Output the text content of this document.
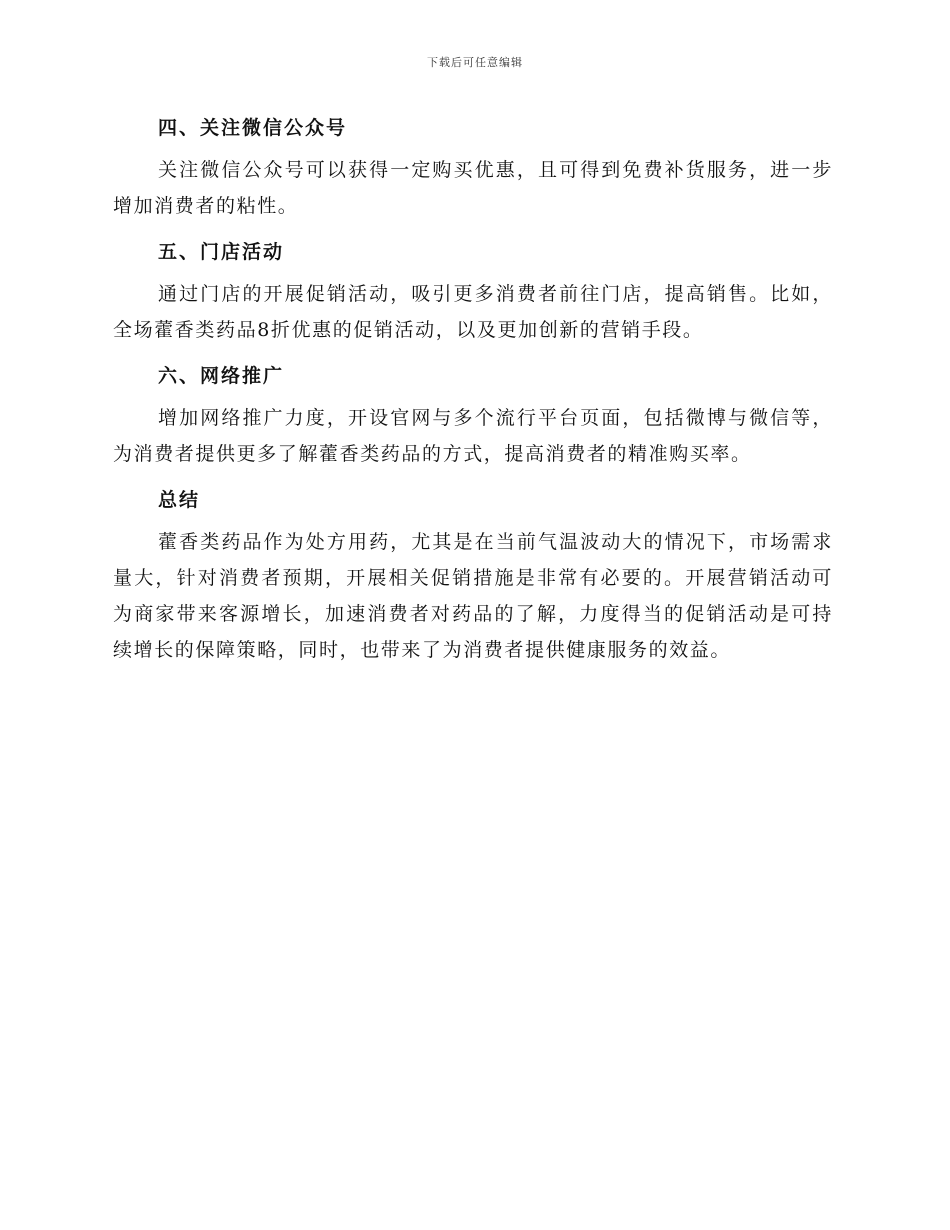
下载后可任意编辑
四、关注微信公众号

关注微信公众号可以获得一定购买优惠，且可得到免费补货服务，进一步增加消费者的粘性。

五、门店活动

通过门店的开展促销活动，吸引更多消费者前往门店，提高销售。比如，全场藿香类药品8折优惠的促销活动，以及更加创新的营销手段。

六、网络推广

增加网络推广力度，开设官网与多个流行平台页面，包括微博与微信等，为消费者提供更多了解藿香类药品的方式，提高消费者的精准购买率。

总结

藿香类药品作为处方用药，尤其是在当前气温波动大的情况下，市场需求量大，针对消费者预期，开展相关促销措施是非常有必要的。开展营销活动可为商家带来客源增长，加速消费者对药品的了解，力度得当的促销活动是可持续增长的保障策略，同时，也带来了为消费者提供健康服务的效益。
